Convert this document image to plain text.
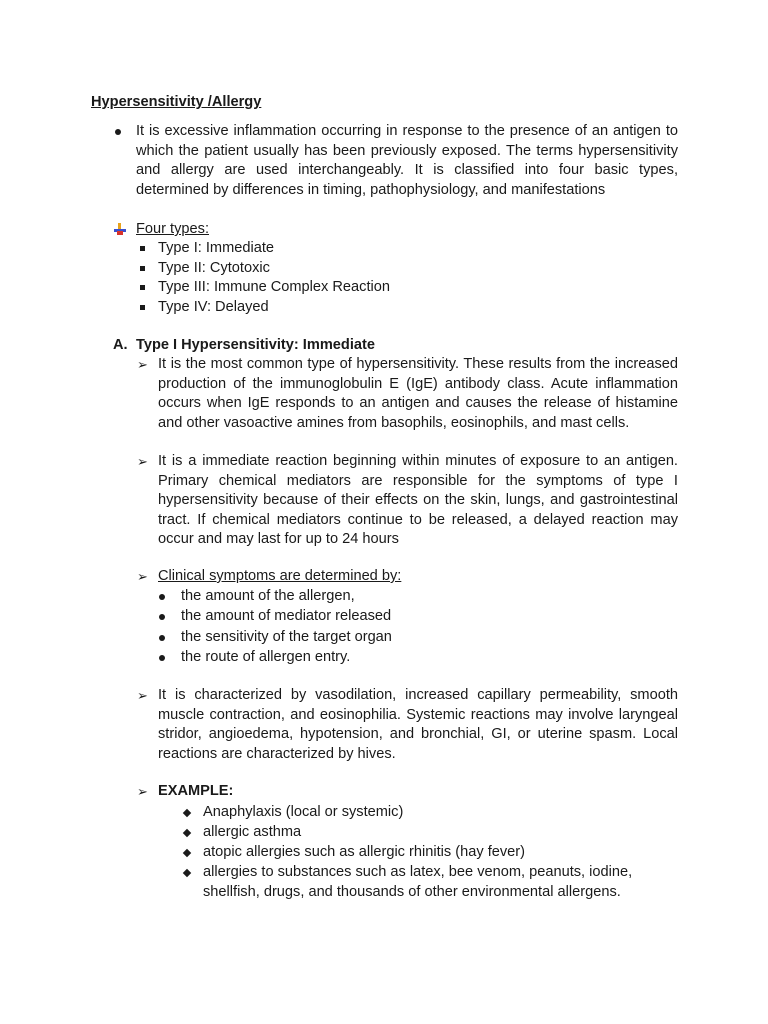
Hypersensitivity /Allergy
It is excessive inflammation occurring in response to the presence of an antigen to which the patient usually has been previously exposed. The terms hypersensitivity and allergy are used interchangeably. It is classified into four basic types, determined by differences in timing, pathophysiology, and manifestations
Four types:
Type I: Immediate
Type II: Cytotoxic
Type III: Immune Complex Reaction
Type IV: Delayed
A. Type I Hypersensitivity: Immediate
➢ It is the most common type of hypersensitivity. These results from the increased production of the immunoglobulin E (IgE) antibody class. Acute inflammation occurs when IgE responds to an antigen and causes the release of histamine and other vasoactive amines from basophils, eosinophils, and mast cells.
➢ It is a immediate reaction beginning within minutes of exposure to an antigen. Primary chemical mediators are responsible for the symptoms of type I hypersensitivity because of their effects on the skin, lungs, and gastrointestinal tract. If chemical mediators continue to be released, a delayed reaction may occur and may last for up to 24 hours
➢ Clinical symptoms are determined by:
the amount of the allergen,
the amount of mediator released
the sensitivity of the target organ
the route of allergen entry.
➢ It is characterized by vasodilation, increased capillary permeability, smooth muscle contraction, and eosinophilia. Systemic reactions may involve laryngeal stridor, angioedema, hypotension, and bronchial, GI, or uterine spasm. Local reactions are characterized by hives.
➢ EXAMPLE:
Anaphylaxis (local or systemic)
allergic asthma
atopic allergies such as allergic rhinitis (hay fever)
allergies to substances such as latex, bee venom, peanuts, iodine, shellfish, drugs, and thousands of other environmental allergens.
